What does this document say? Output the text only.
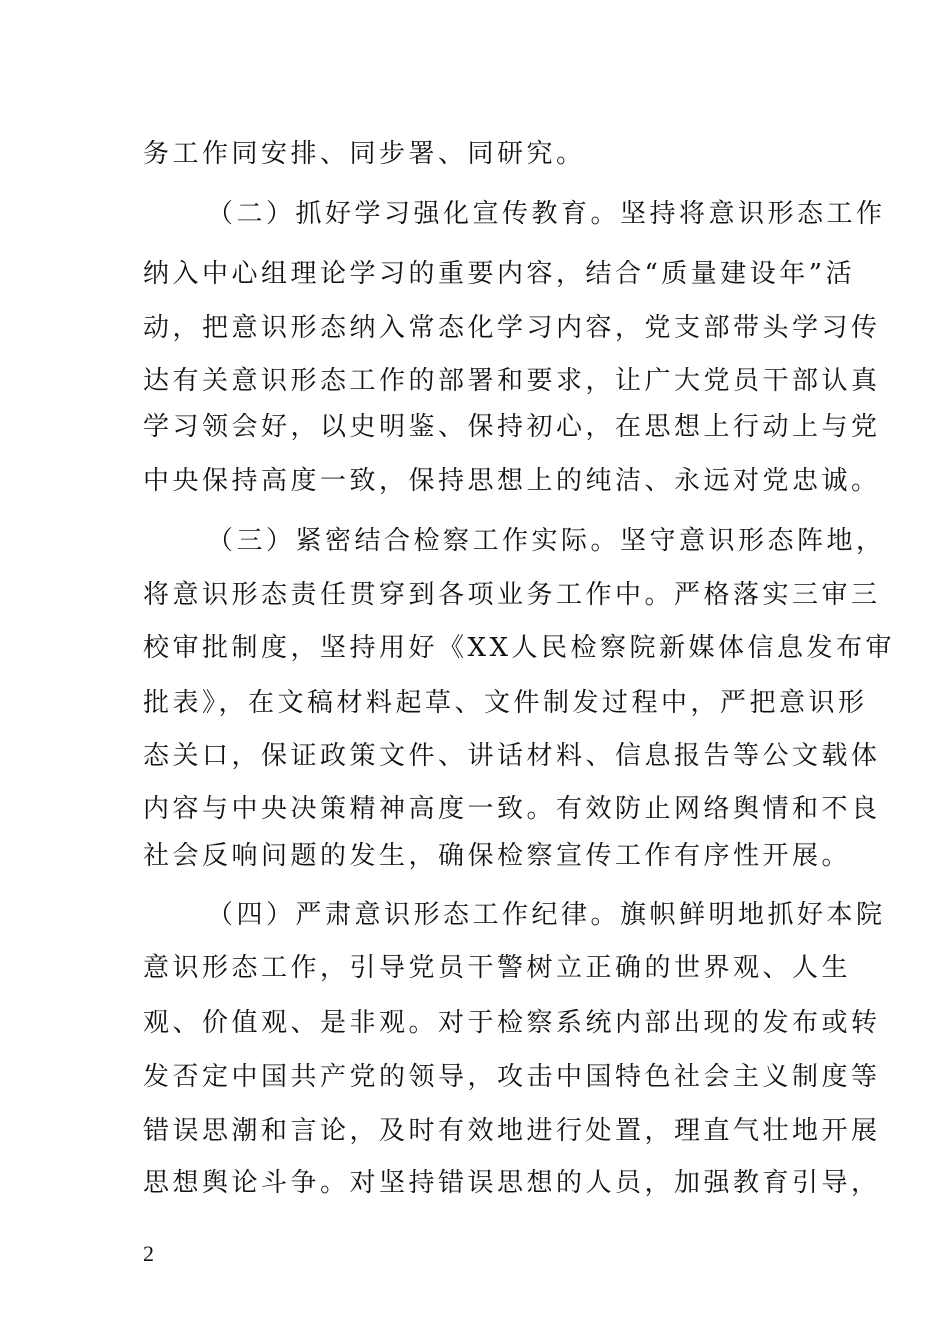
务工作同安排、同步署、同研究。
（二）抓好学习强化宣传教育。坚持将意识形态工作
纳入中心组理论学习的重要内容，结合“质量建设年”活
动，把意识形态纳入常态化学习内容，党支部带头学习传
达有关意识形态工作的部署和要求，让广大党员干部认真
学习领会好，以史明鉴、保持初心，在思想上行动上与党
中央保持高度一致，保持思想上的纯洁、永远对党忠诚。
（三）紧密结合检察工作实际。坚守意识形态阵地，
将意识形态责任贯穿到各项业务工作中。严格落实三审三
校审批制度，坚持用好《XX人民检察院新媒体信息发布审
批表》，在文稿材料起草、文件制发过程中，严把意识形
态关口，保证政策文件、讲话材料、信息报告等公文载体
内容与中央决策精神高度一致。有效防止网络舆情和不良
社会反响问题的发生，确保检察宣传工作有序性开展。
（四）严肃意识形态工作纪律。旗帜鲜明地抓好本院
意识形态工作，引导党员干警树立正确的世界观、人生
观、价值观、是非观。对于检察系统内部出现的发布或转
发否定中国共产党的领导，攻击中国特色社会主义制度等
错误思潮和言论，及时有效地进行处置，理直气壮地开展
思想舆论斗争。对坚持错误思想的人员，加强教育引导，
2
